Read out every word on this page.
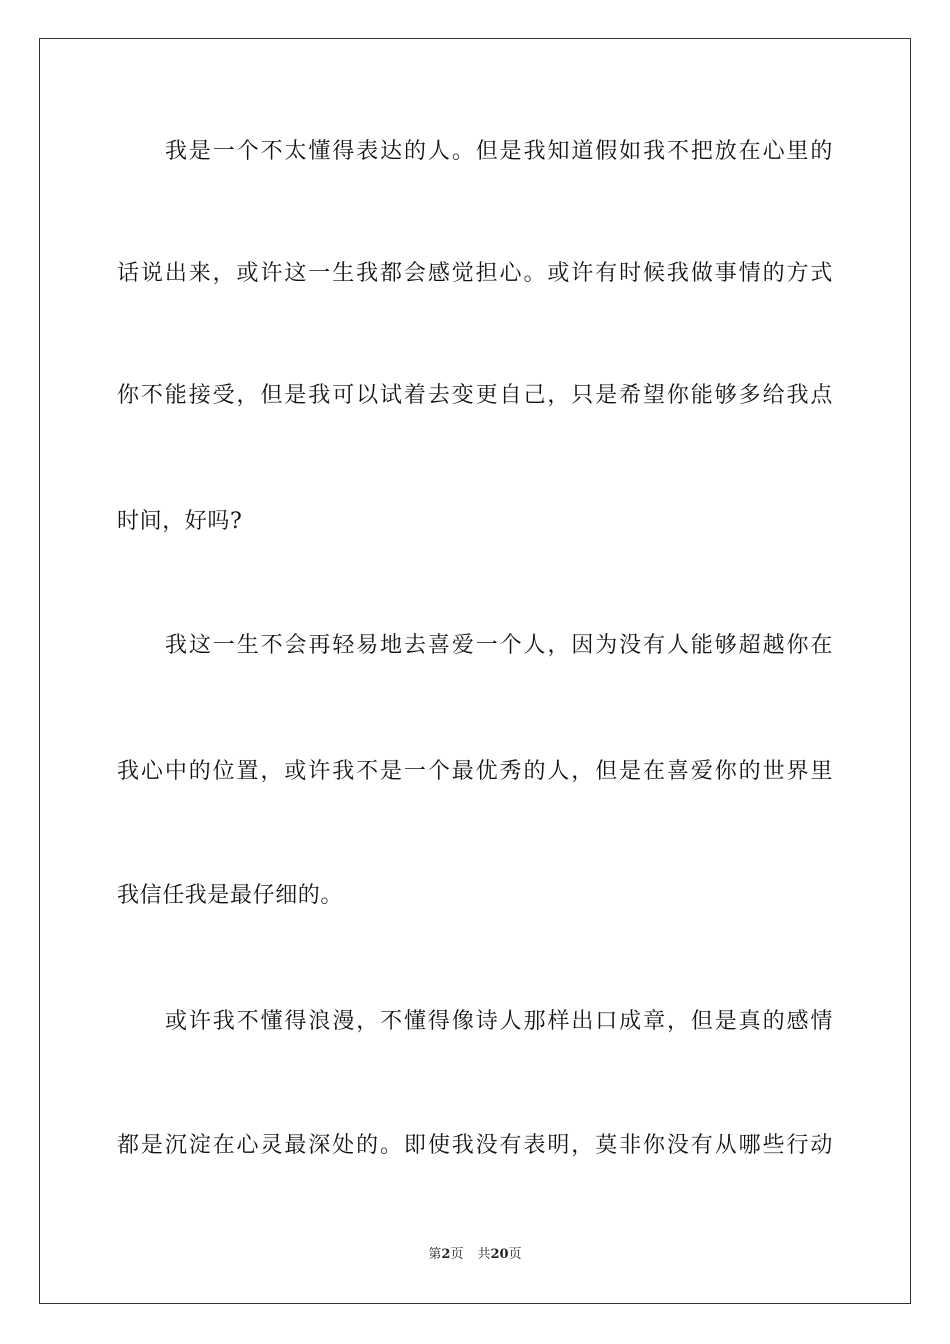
我是一个不太懂得表达的人。但是我知道假如我不把放在心里的
话说出来，或许这一生我都会感觉担心。或许有时候我做事情的方式
你不能接受，但是我可以试着去变更自己，只是希望你能够多给我点
时间，好吗?
我这一生不会再轻易地去喜爱一个人，因为没有人能够超越你在
我心中的位置，或许我不是一个最优秀的人，但是在喜爱你的世界里
我信任我是最仔细的。
或许我不懂得浪漫，不懂得像诗人那样出口成章，但是真的感情
都是沉淀在心灵最深处的。即使我没有表明，莫非你没有从哪些行动
第2页 共20页
